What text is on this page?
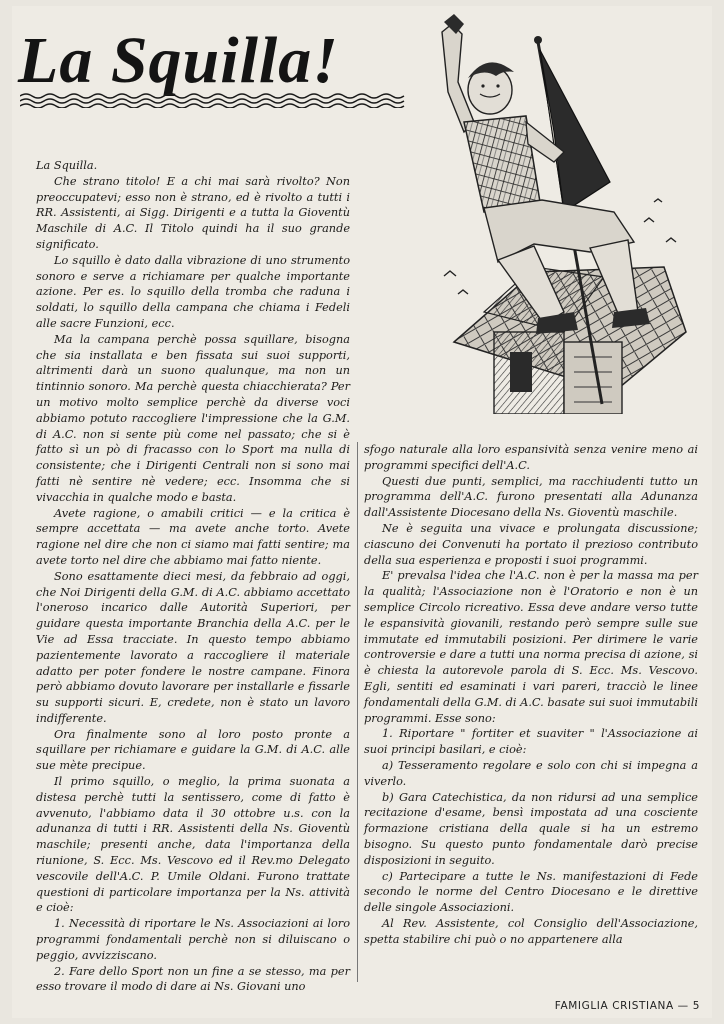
La Squilla!

La Squilla.

Che strano titolo! E a chi mai sarà rivolto? Non preoccupatevi; esso non è strano, ed è rivolto a tutti i RR. Assistenti, ai Sigg. Dirigenti e a tutta la Gioventù Maschile di A.C. Il Titolo quindi ha il suo grande significato.

Lo squillo è dato dalla vibrazione di uno strumento sonoro e serve a richiamare per qualche importante azione. Per es. lo squillo della tromba che raduna i soldati, lo squillo della campana che chiama i Fedeli alle sacre Funzioni, ecc.

Ma la campana perchè possa squillare, bisogna che sia installata e ben fissata sui suoi supporti, altrimenti darà un suono qualunque, ma non un tintinnio sonoro. Ma perchè questa chiacchierata? Per un motivo molto semplice perchè da diverse voci abbiamo potuto raccogliere l'impressione che la G.M. di A.C. non si sente più come nel passato; che si è fatto sì un pò di fracasso con lo Sport ma nulla di consistente; che i Dirigenti Centrali non si sono mai fatti nè sentire nè vedere; ecc. Insomma che si vivacchia in qualche modo e basta.

Avete ragione, o amabili critici — e la critica è sempre accettata — ma avete anche torto. Avete ragione nel dire che non ci siamo mai fatti sentire; ma avete torto nel dire che abbiamo mai fatto niente.

Sono esattamente dieci mesi, da febbraio ad oggi, che Noi Dirigenti della G.M. di A.C. abbiamo accettato l'oneroso incarico dalle Autorità Superiori, per guidare questa importante Branchia della A.C. per le Vie ad Essa tracciate. In questo tempo abbiamo pazientemente lavorato a raccogliere il materiale adatto per poter fondere le nostre campane. Finora però abbiamo dovuto lavorare per installarle e fissarle su supporti sicuri. E, credete, non è stato un lavoro indifferente.

Ora finalmente sono al loro posto pronte a squillare per richiamare e guidare la G.M. di A.C. alle sue mète precipue.

Il primo squillo, o meglio, la prima suonata a distesa perchè tutti la sentissero, come di fatto è avvenuto, l'abbiamo data il 30 ottobre u.s. con la adunanza di tutti i RR. Assistenti della Ns. Gioventù maschile; presenti anche, data l'importanza della riunione, S. Ecc. Ms. Vescovo ed il Rev.mo Delegato vescovile dell'A.C. P. Umile Oldani. Furono trattate questioni di particolare importanza per la Ns. attività e cioè:

1. Necessità di riportare le Ns. Associazioni ai loro programmi fondamentali perchè non si diluiscano o peggio, avvizziscano.

2. Fare dello Sport non un fine a se stesso, ma per esso trovare il modo di dare ai Ns. Giovani uno

sfogo naturale alla loro espansività senza venire meno ai programmi specifici dell'A.C.

Questi due punti, semplici, ma racchiudenti tutto un programma dell'A.C. furono presentati alla Adunanza dall'Assistente Diocesano della Ns. Gioventù maschile.

Ne è seguita una vivace e prolungata discussione; ciascuno dei Convenuti ha portato il prezioso contributo della sua esperienza e proposti i suoi programmi.

E' prevalsa l'idea che l'A.C. non è per la massa ma per la qualità; l'Associazione non è l'Oratorio e non è un semplice Circolo ricreativo. Essa deve andare verso tutte le espansività giovanili, restando però sempre sulle sue immutate ed immutabili posizioni. Per dirimere le varie controversie e dare a tutti una norma precisa di azione, si è chiesta la autorevole parola di S. Ecc. Ms. Vescovo. Egli, sentiti ed esaminati i vari pareri, tracciò le linee fondamentali della G.M. di A.C. basate sui suoi immutabili programmi. Esse sono:

1. Riportare " fortiter et suaviter " l'Associazione ai suoi principi basilari, e cioè:

a) Tesseramento regolare e solo con chi si impegna a viverlo.

b) Gara Catechistica, da non ridursi ad una semplice recitazione d'esame, bensì impostata ad una cosciente formazione cristiana della quale si ha un estremo bisogno. Su questo punto fondamentale darò precise disposizioni in seguito.

c) Partecipare a tutte le Ns. manifestazioni di Fede secondo le norme del Centro Diocesano e le direttive delle singole Associazioni.

Al Rev. Assistente, col Consiglio dell'Associazione, spetta stabilire chi può o no appartenere alla

FAMIGLIA CRISTIANA — 5
